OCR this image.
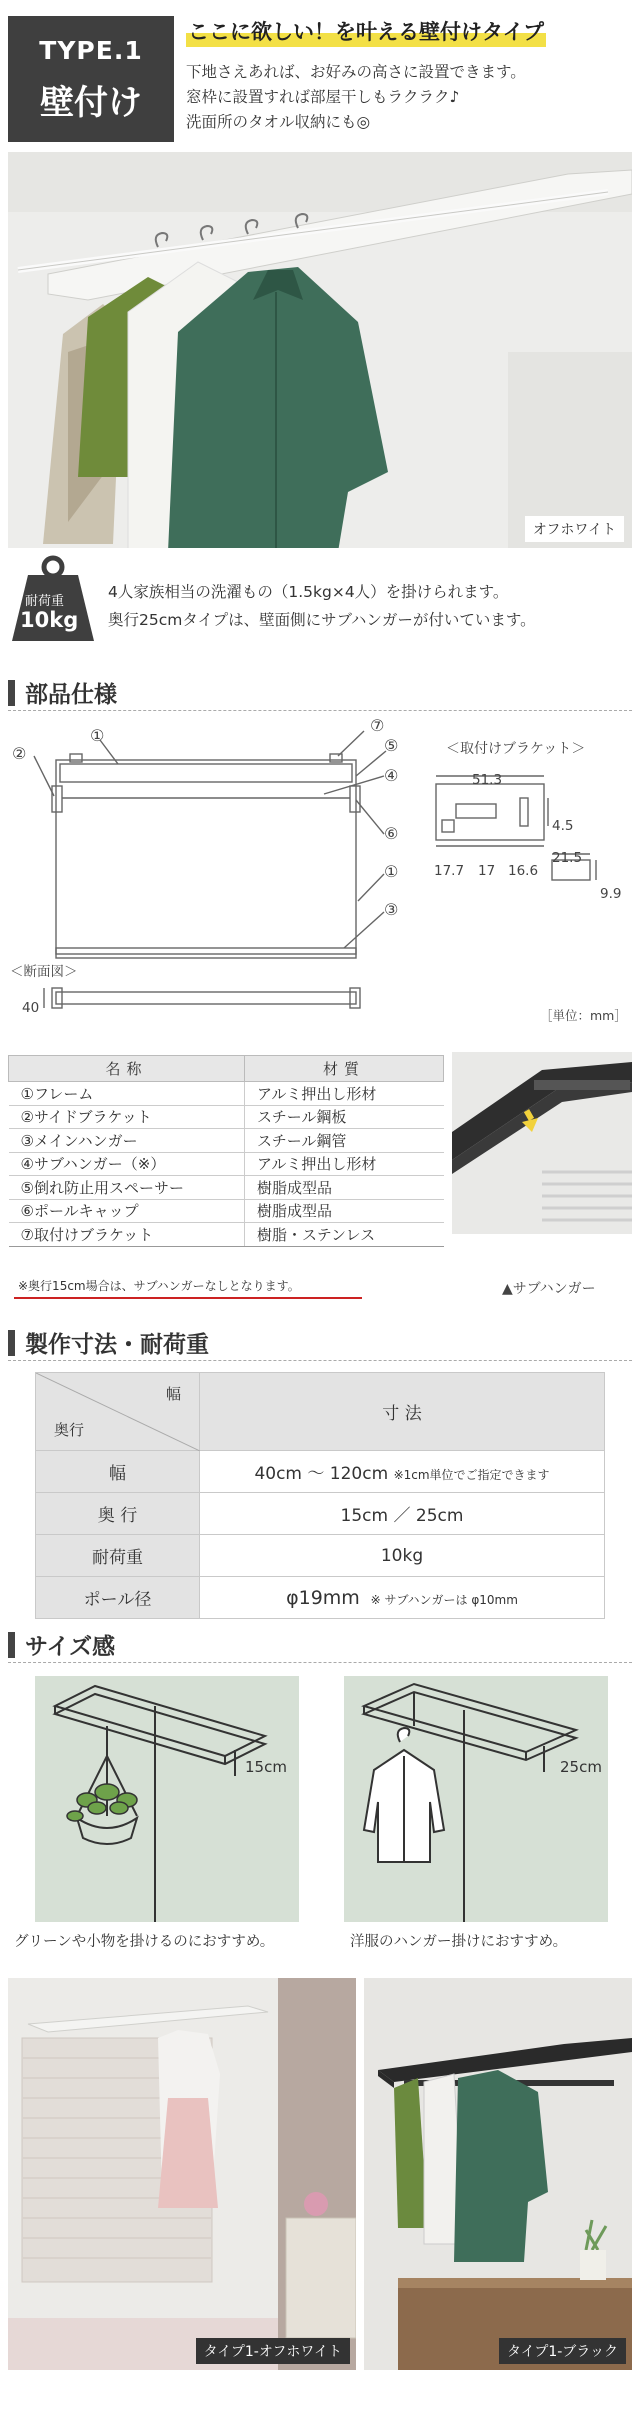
TYPE.1
壁付け
ここに欲しい！を叶える壁付けタイプ
下地さえあれば、お好みの高さに設置できます。
窓枠に設置すれば部屋干しもラクラク♪
洗面所のタオル収納にも◎
オフホワイト
耐荷重
10kg
4人家族相当の洗濯もの（1.5kg×4人）を掛けられます。
奥行25cmタイプは、壁面側にサブハンガーが付いています。
部品仕様
①
②
⑦
⑤
④
⑥
①
③
＜取付けブラケット＞
51.3
4.5
17.7 17 16.6
21.5
9.9
＜断面図＞
40	［単位：mm］
名称	材質
①フレーム	アルミ押出し形材
②サイドブラケット	スチール鋼板
③メインハンガー	スチール鋼管
④サブハンガー（※）	アルミ押出し形材
⑤倒れ防止用スペーサー	樹脂成型品
⑥ポールキャップ	樹脂成型品
⑦取付けブラケット	樹脂・ステンレス
※奥行15cm場合は、サブハンガーなしとなります。	▲サブハンガー
製作寸法・耐荷重
幅
奥行	寸 法
幅	40cm 〜 120cm ※1cm単位でご指定できます
奥 行	15cm ／ 25cm
耐荷重	10kg
ポール径	φ19mm ※ サブハンガーは φ10mm
サイズ感
15cm	25cm
グリーンや小物を掛けるのにおすすめ。	洋服のハンガー掛けにおすすめ。
タイプ1-オフホワイト	タイプ1-ブラック
